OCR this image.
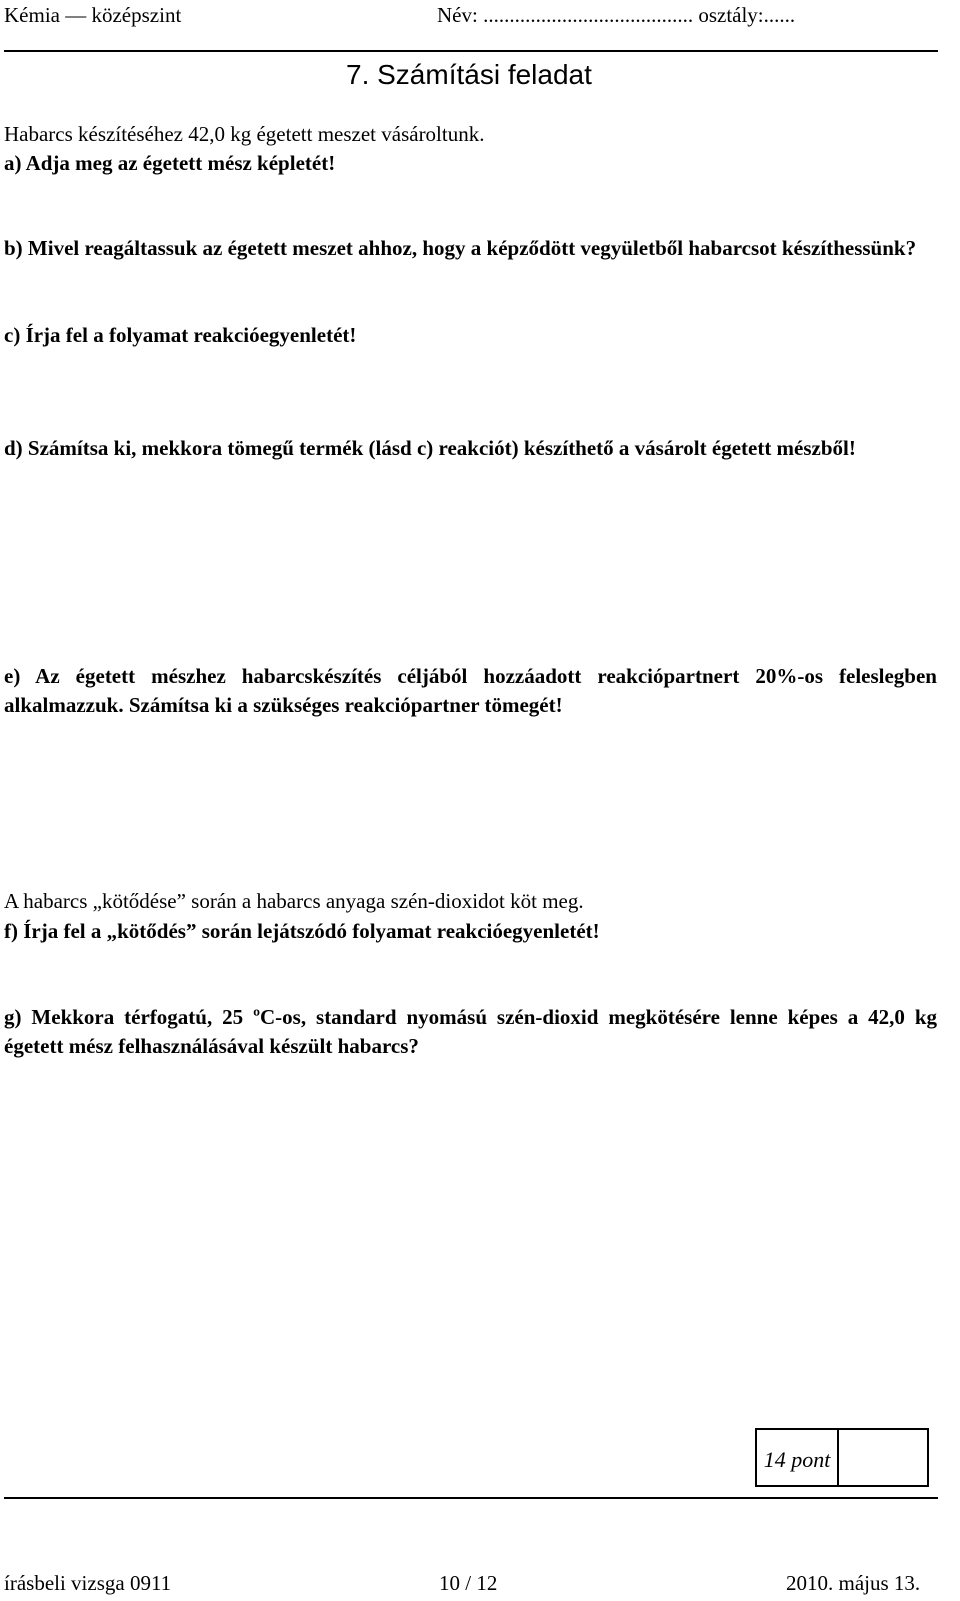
Kémia — középszint	Név: ........................................ osztály:......
7. Számítási feladat
Habarcs készítéséhez 42,0 kg égetett meszet vásároltunk.
a) Adja meg az égetett mész képletét!
b) Mivel reagáltassuk az égetett meszet ahhoz, hogy a képződött vegyületből habarcsot készíthessünk?
c) Írja fel a folyamat reakcióegyenletét!
d) Számítsa ki, mekkora tömegű termék (lásd c) reakciót) készíthető a vásárolt égetett mészből!
e) Az égetett mészhez habarcskészítés céljából hozzáadott reakciópartnert 20%-os feleslegben alkalmazzuk. Számítsa ki a szükséges reakciópartner tömegét!
A habarcs „kötődése” során a habarcs anyaga szén-dioxidot köt meg.
f) Írja fel a „kötődés” során lejátszódó folyamat reakcióegyenletét!
g) Mekkora térfogatú, 25 ºC-os, standard nyomású szén-dioxid megkötésére lenne képes a 42,0 kg égetett mész felhasználásával készült habarcs?
14 pont
írásbeli vizsga 0911	10 / 12	2010. május 13.
